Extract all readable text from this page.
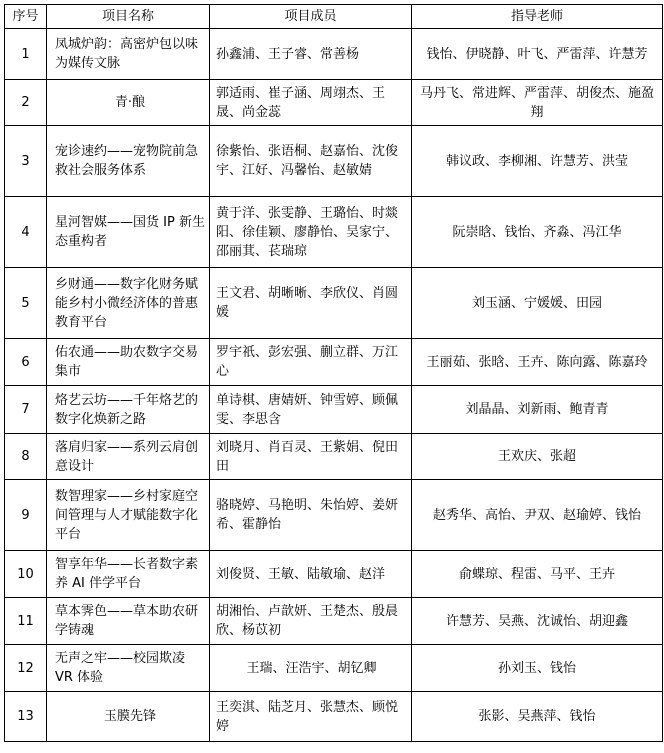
序号	项目名称	项目成员	指导老师
1	凤城炉韵：高密炉包以味为媒传文脉	孙鑫浦、王子睿、常善杨	钱怡、伊晓静、叶飞、严雷萍、许慧芳
2	青·酿	郭适雨、崔子涵、周翊杰、王晟、尚金蕊	马丹飞、常进辉、严雷萍、胡俊杰、施盈翔
3	宠诊速约——宠物院前急救社会服务体系	徐紫怡、张语桐、赵嘉怡、沈俊宇、江好、冯馨怡、赵敏婧	韩议政、李柳湘、许慧芳、洪莹
4	星河智媒——国货 IP 新生态重构者	黄于洋、张雯静、王璐怡、时燚阳、徐佳颖、廖静怡、吴家宁、邵丽萁、苌瑞琼	阮崇晗、钱怡、齐淼、冯江华
5	乡财通——数字化财务赋能乡村小微经济体的普惠教育平台	王文君、胡晰晰、李欣仪、肖圆媛	刘玉涵、宁媛媛、田园
6	佑农通——助农数字交易集市	罗宇祇、彭宏强、蒯立群、万江心	王丽茹、张晗、王卉、陈向露、陈嘉玲
7	烙艺云坊——千年烙艺的数字化焕新之路	单诗棋、唐婧妍、钟雪婷、顾佩雯、李思含	刘晶晶、刘新雨、鲍青青
8	落肩归家——系列云肩创意设计	刘晓月、肖百灵、王紫娟、倪田田	王欢庆、张超
9	数智理家——乡村家庭空间管理与人才赋能数字化平台	骆晓婷、马艳明、朱怡婷、姜妍希、霍静怡	赵秀华、高怡、尹双、赵瑜婷、钱怡
10	智享年华——长者数字素养 AI 伴学平台	刘俊贤、王敏、陆敏瑜、赵洋	俞蝶琼、程雷、马平、王卉
11	草本霁色——草本助农研学铸魂	胡湘怡、卢歆妍、王楚杰、殷晨欣、杨苡初	许慧芳、吴燕、沈诚怡、胡迎鑫
12	无声之牢——校园欺凌 VR 体验	王瑞、汪浩宇、胡钇卿	孙刘玉、钱怡
13	玉膜先锋	王奕淇、陆芝月、张慧杰、顾悦婷	张影、吴燕萍、钱怡
